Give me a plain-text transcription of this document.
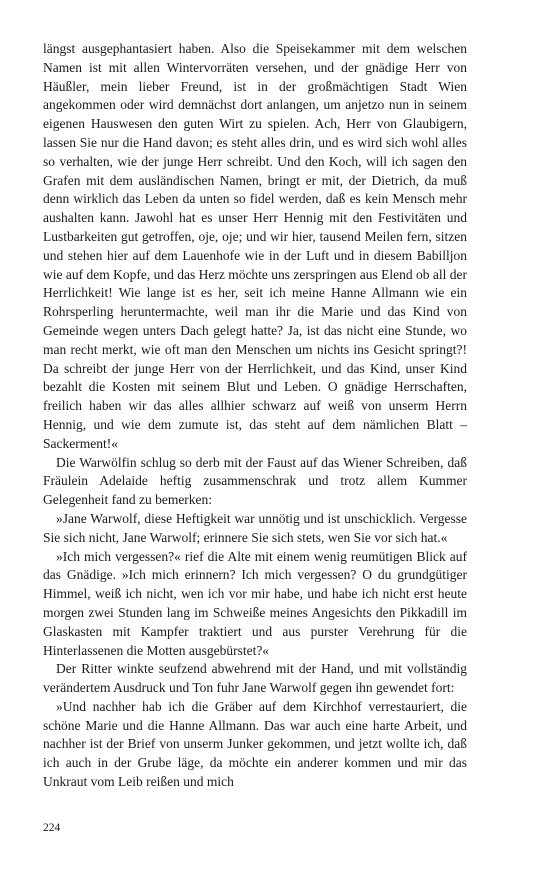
längst ausgephantasiert haben. Also die Speisekammer mit dem welschen Namen ist mit allen Wintervorräten versehen, und der gnädige Herr von Häußler, mein lieber Freund, ist in der großmächtigen Stadt Wien angekommen oder wird demnächst dort anlangen, um anjetzo nun in seinem eigenen Hauswesen den guten Wirt zu spielen. Ach, Herr von Glaubigern, lassen Sie nur die Hand davon; es steht alles drin, und es wird sich wohl alles so verhalten, wie der junge Herr schreibt. Und den Koch, will ich sagen den Grafen mit dem ausländischen Namen, bringt er mit, der Dietrich, da muß denn wirklich das Leben da unten so fidel werden, daß es kein Mensch mehr aushalten kann. Jawohl hat es unser Herr Hennig mit den Festivitäten und Lustbarkeiten gut getroffen, oje, oje; und wir hier, tausend Meilen fern, sitzen und stehen hier auf dem Lauenhofe wie in der Luft und in diesem Babilljon wie auf dem Kopfe, und das Herz möchte uns zerspringen aus Elend ob all der Herrlichkeit! Wie lange ist es her, seit ich meine Hanne Allmann wie ein Rohrsperling heruntermachte, weil man ihr die Marie und das Kind von Gemeinde wegen unters Dach gelegt hatte? Ja, ist das nicht eine Stunde, wo man recht merkt, wie oft man den Menschen um nichts ins Gesicht springt?! Da schreibt der junge Herr von der Herrlichkeit, und das Kind, unser Kind bezahlt die Kosten mit seinem Blut und Leben. O gnädige Herrschaften, freilich haben wir das alles allhier schwarz auf weiß von unserm Herrn Hennig, und wie dem zumute ist, das steht auf dem nämlichen Blatt – Sackerment!«

Die Warwölfin schlug so derb mit der Faust auf das Wiener Schreiben, daß Fräulein Adelaide heftig zusammenschrak und trotz allem Kummer Gelegenheit fand zu bemerken:

»Jane Warwolf, diese Heftigkeit war unnötig und ist unschicklich. Vergesse Sie sich nicht, Jane Warwolf; erinnere Sie sich stets, wen Sie vor sich hat.«

»Ich mich vergessen?« rief die Alte mit einem wenig reumütigen Blick auf das Gnädige. »Ich mich erinnern? Ich mich vergessen? O du grundgütiger Himmel, weiß ich nicht, wen ich vor mir habe, und habe ich nicht erst heute morgen zwei Stunden lang im Schweiße meines Angesichts den Pikkadill im Glaskasten mit Kampfer traktiert und aus purster Verehrung für die Hinterlassenen die Motten ausgebürstet?«

Der Ritter winkte seufzend abwehrend mit der Hand, und mit vollständig verändertem Ausdruck und Ton fuhr Jane Warwolf gegen ihn gewendet fort:

»Und nachher hab ich die Gräber auf dem Kirchhof verrestauriert, die schöne Marie und die Hanne Allmann. Das war auch eine harte Arbeit, und nachher ist der Brief von unserm Junker gekommen, und jetzt wollte ich, daß ich auch in der Grube läge, da möchte ein anderer kommen und mir das Unkraut vom Leib reißen und mich

224
